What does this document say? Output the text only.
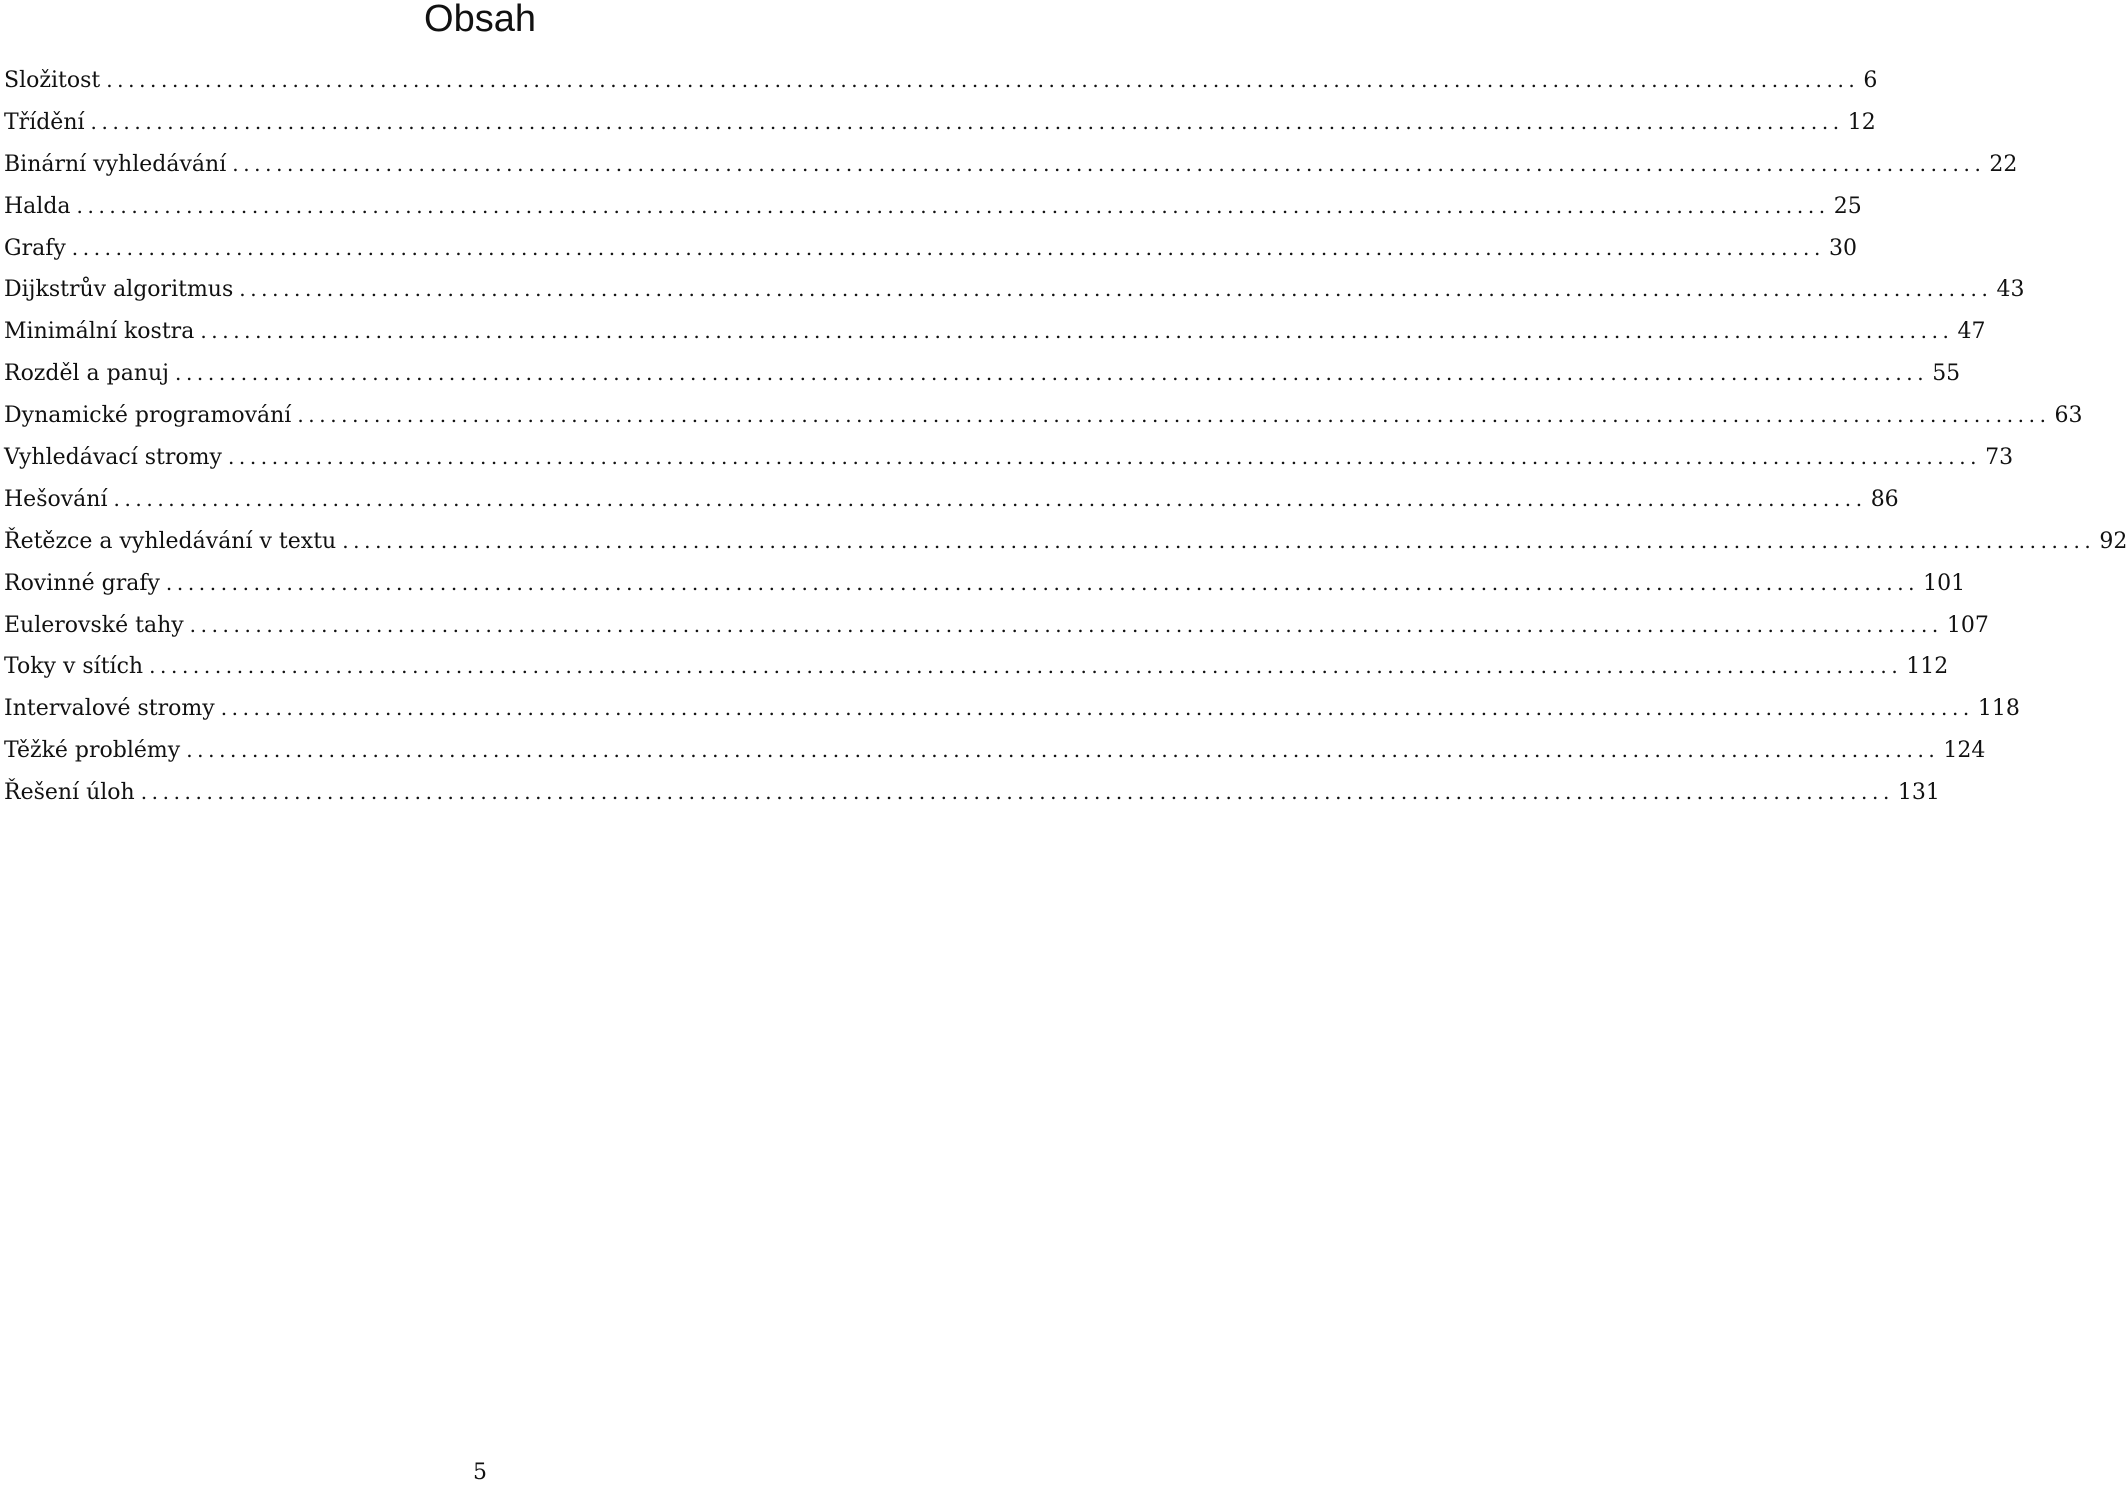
Obsah
Složitost ................................................................................................................................................................ 6
Třídění ................................................................................................................................................................ 12
Binární vyhledávání ................................................................................................................................................................ 22
Halda ................................................................................................................................................................ 25
Grafy ................................................................................................................................................................ 30
Dijkstrův algoritmus ................................................................................................................................................................ 43
Minimální kostra ................................................................................................................................................................ 47
Rozděl a panuj ................................................................................................................................................................ 55
Dynamické programování ................................................................................................................................................................ 63
Vyhledávací stromy ................................................................................................................................................................ 73
Hešování ................................................................................................................................................................ 86
Řetězce a vyhledávání v textu ................................................................................................................................................................ 92
Rovinné grafy ................................................................................................................................................................ 101
Eulerovské tahy ................................................................................................................................................................ 107
Toky v sítích ................................................................................................................................................................ 112
Intervalové stromy ................................................................................................................................................................ 118
Těžké problémy ................................................................................................................................................................ 124
Řešení úloh ................................................................................................................................................................ 131
5
